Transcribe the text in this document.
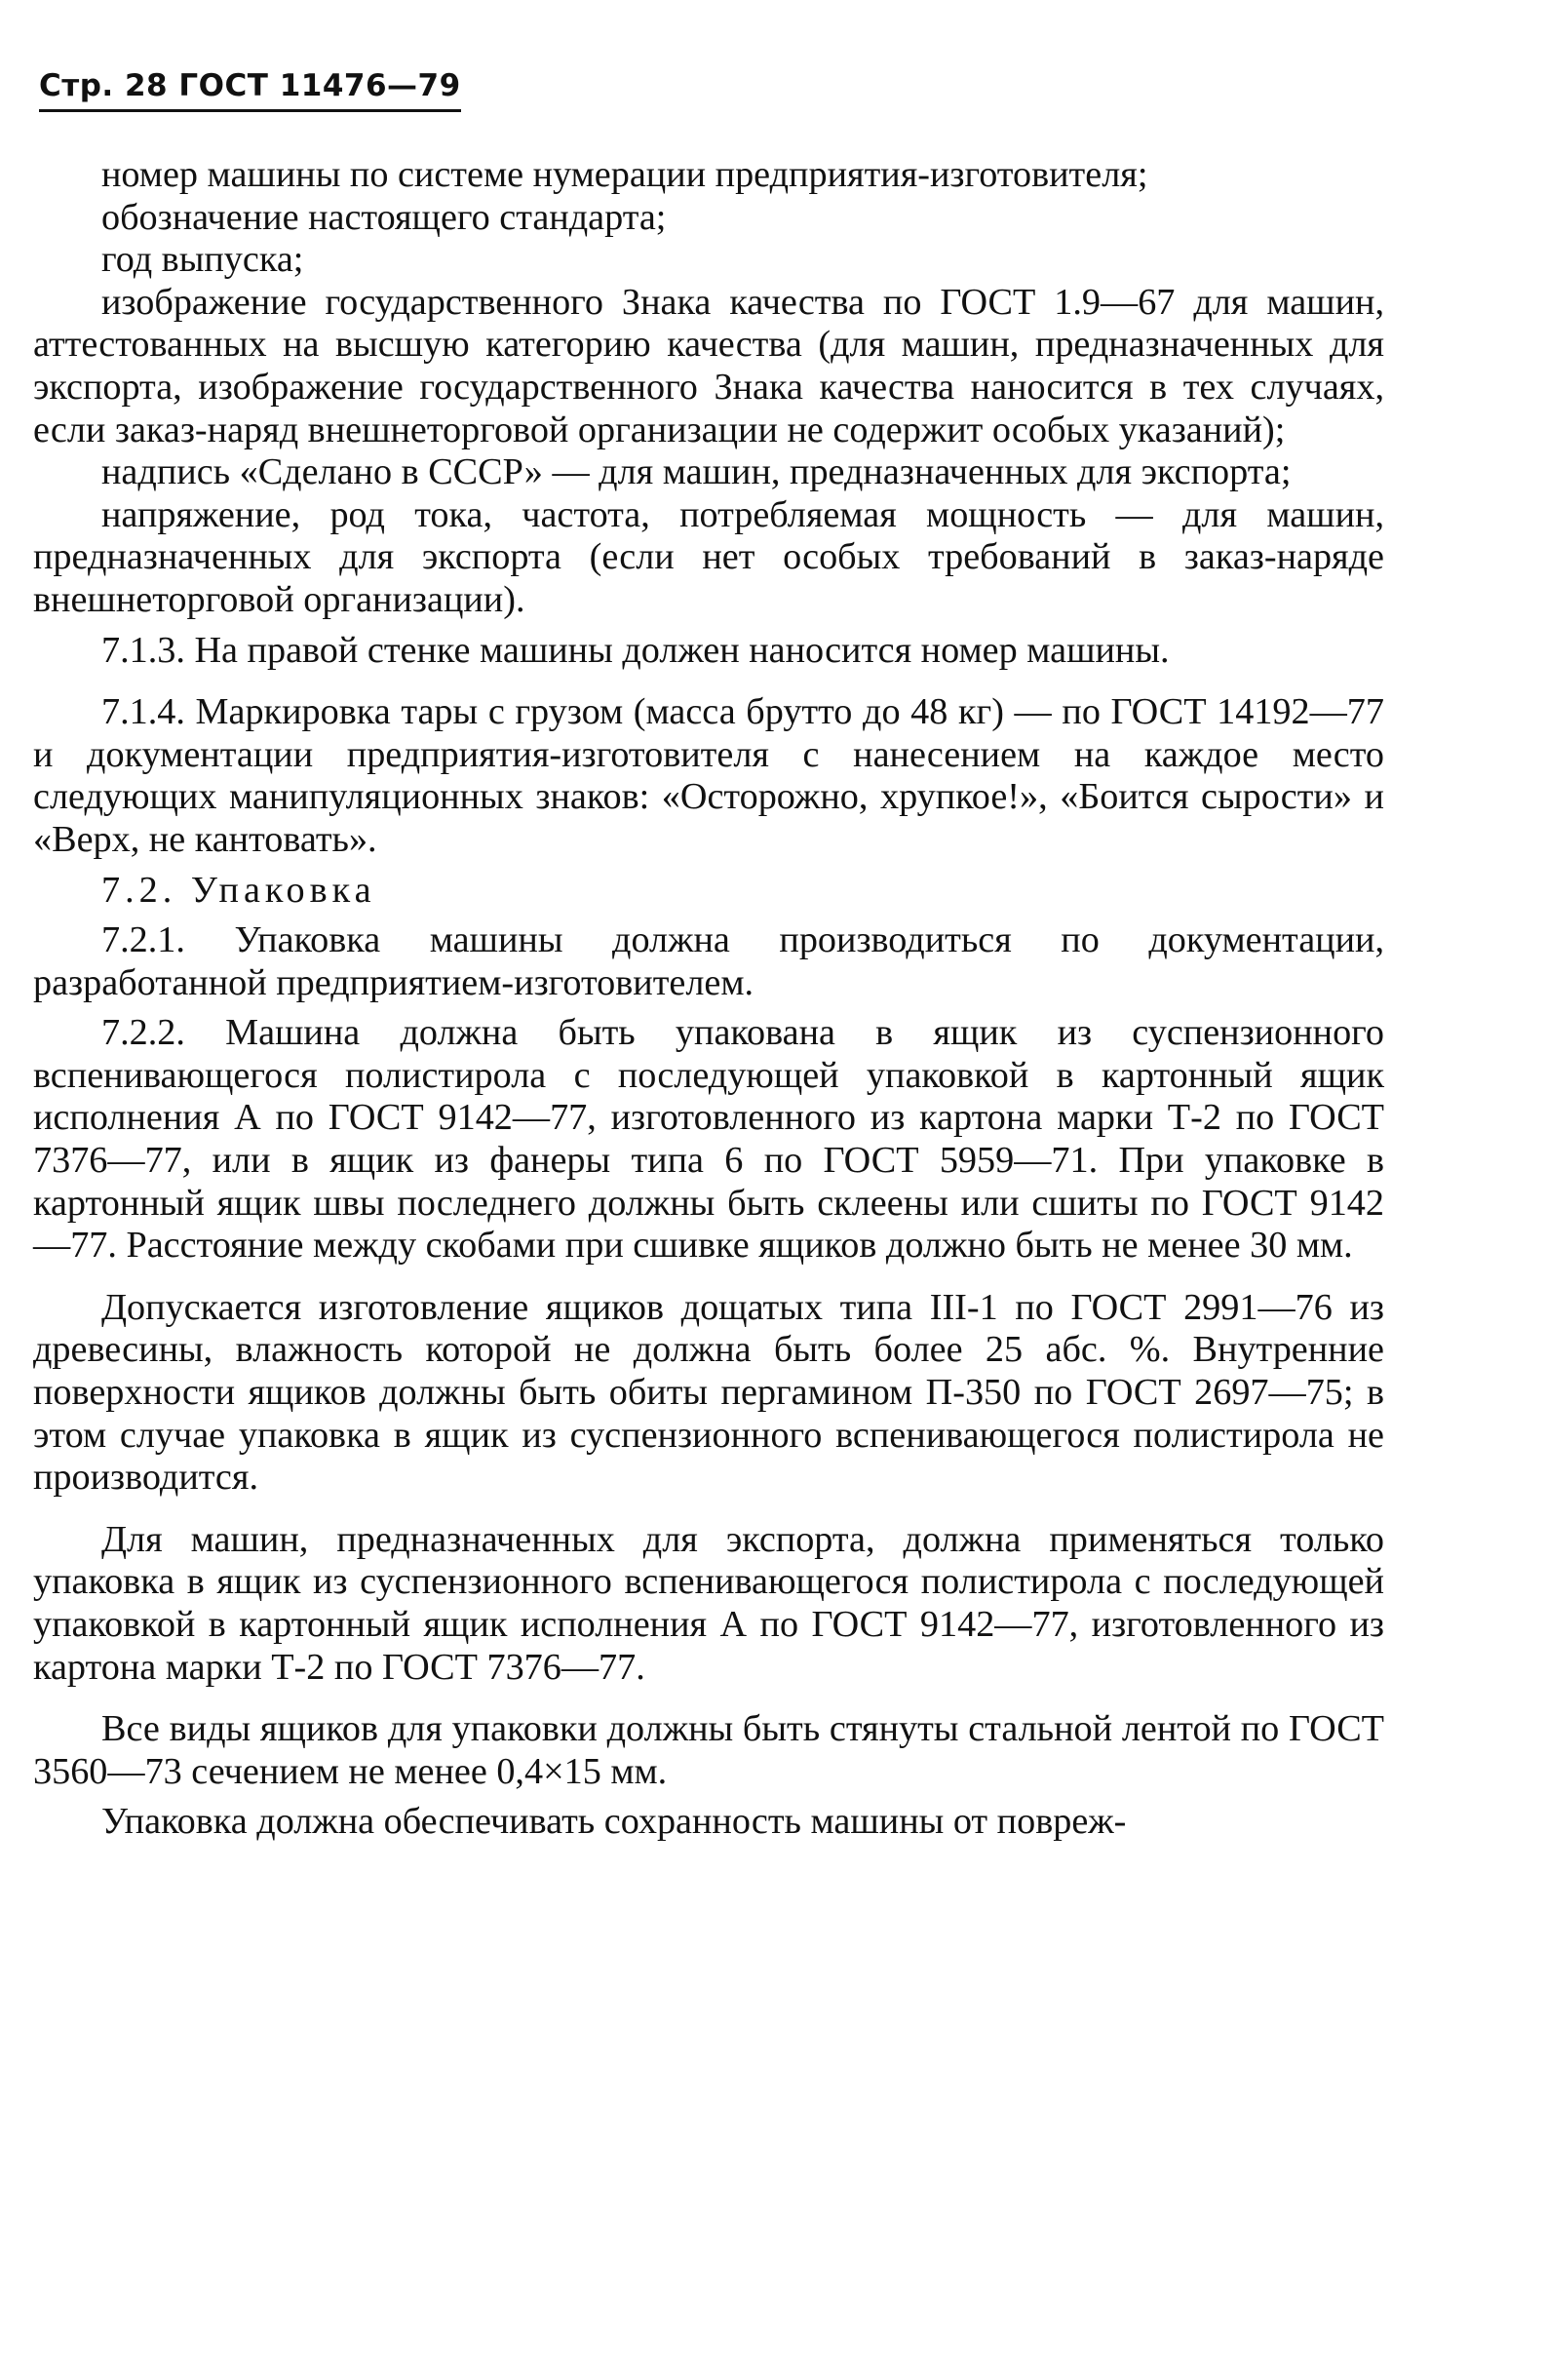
Стр. 28 ГОСТ 11476—79

номер машины по системе нумерации предприятия-изготовителя;

обозначение настоящего стандарта;

год выпуска;

изображение государственного Знака качества по ГОСТ 1.9—67 для машин, аттестованных на высшую категорию качества (для машин, предназначенных для экспорта, изображение государственного Знака качества наносится в тех случаях, если заказ-наряд внешнеторговой организации не содержит особых указаний);

надпись «Сделано в СССР» — для машин, предназначенных для экспорта;

напряжение, род тока, частота, потребляемая мощность — для машин, предназначенных для экспорта (если нет особых требований в заказ-наряде внешнеторговой организации).

7.1.3. На правой стенке машины должен наносится номер машины.

7.1.4. Маркировка тары с грузом (масса брутто до 48 кг) — по ГОСТ 14192—77 и документации предприятия-изготовителя с нанесением на каждое место следующих манипуляционных знаков: «Осторожно, хрупкое!», «Боится сырости» и «Верх, не кантовать».

7.2. Упаковка

7.2.1. Упаковка машины должна производиться по документации, разработанной предприятием-изготовителем.

7.2.2. Машина должна быть упакована в ящик из суспензионного вспенивающегося полистирола с последующей упаковкой в картонный ящик исполнения А по ГОСТ 9142—77, изготовленного из картона марки Т-2 по ГОСТ 7376—77, или в ящик из фанеры типа 6 по ГОСТ 5959—71. При упаковке в картонный ящик швы последнего должны быть склеены или сшиты по ГОСТ 9142—77. Расстояние между скобами при сшивке ящиков должно быть не менее 30 мм.

Допускается изготовление ящиков дощатых типа III-1 по ГОСТ 2991—76 из древесины, влажность которой не должна быть более 25 абс. %. Внутренние поверхности ящиков должны быть обиты пергамином П-350 по ГОСТ 2697—75; в этом случае упаковка в ящик из суспензионного вспенивающегося полистирола не производится.

Для машин, предназначенных для экспорта, должна применяться только упаковка в ящик из суспензионного вспенивающегося полистирола с последующей упаковкой в картонный ящик исполнения А по ГОСТ 9142—77, изготовленного из картона марки Т-2 по ГОСТ 7376—77.

Все виды ящиков для упаковки должны быть стянуты стальной лентой по ГОСТ 3560—73 сечением не менее 0,4×15 мм.

Упаковка должна обеспечивать сохранность машины от повреж-
